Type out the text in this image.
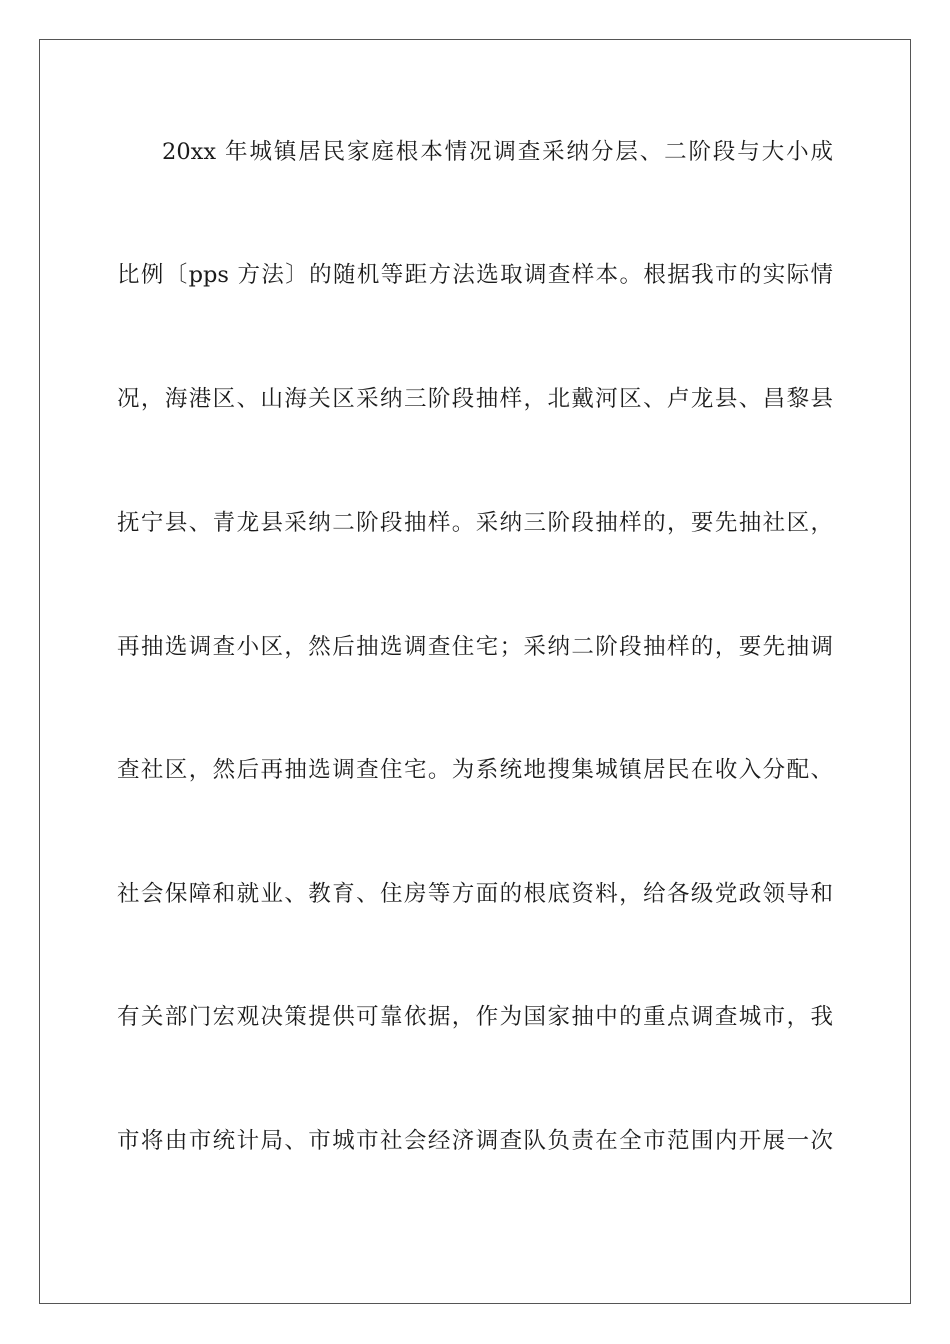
20xx 年城镇居民家庭根本情况调查采纳分层、二阶段与大小成
比例〔pps 方法〕的随机等距方法选取调查样本。根据我市的实际情
况，海港区、山海关区采纳三阶段抽样，北戴河区、卢龙县、昌黎县
抚宁县、青龙县采纳二阶段抽样。采纳三阶段抽样的，要先抽社区，
再抽选调查小区，然后抽选调查住宅；采纳二阶段抽样的，要先抽调
查社区，然后再抽选调查住宅。为系统地搜集城镇居民在收入分配、
社会保障和就业、教育、住房等方面的根底资料，给各级党政领导和
有关部门宏观决策提供可靠依据，作为国家抽中的重点调查城市，我
市将由市统计局、市城市社会经济调查队负责在全市范围内开展一次
